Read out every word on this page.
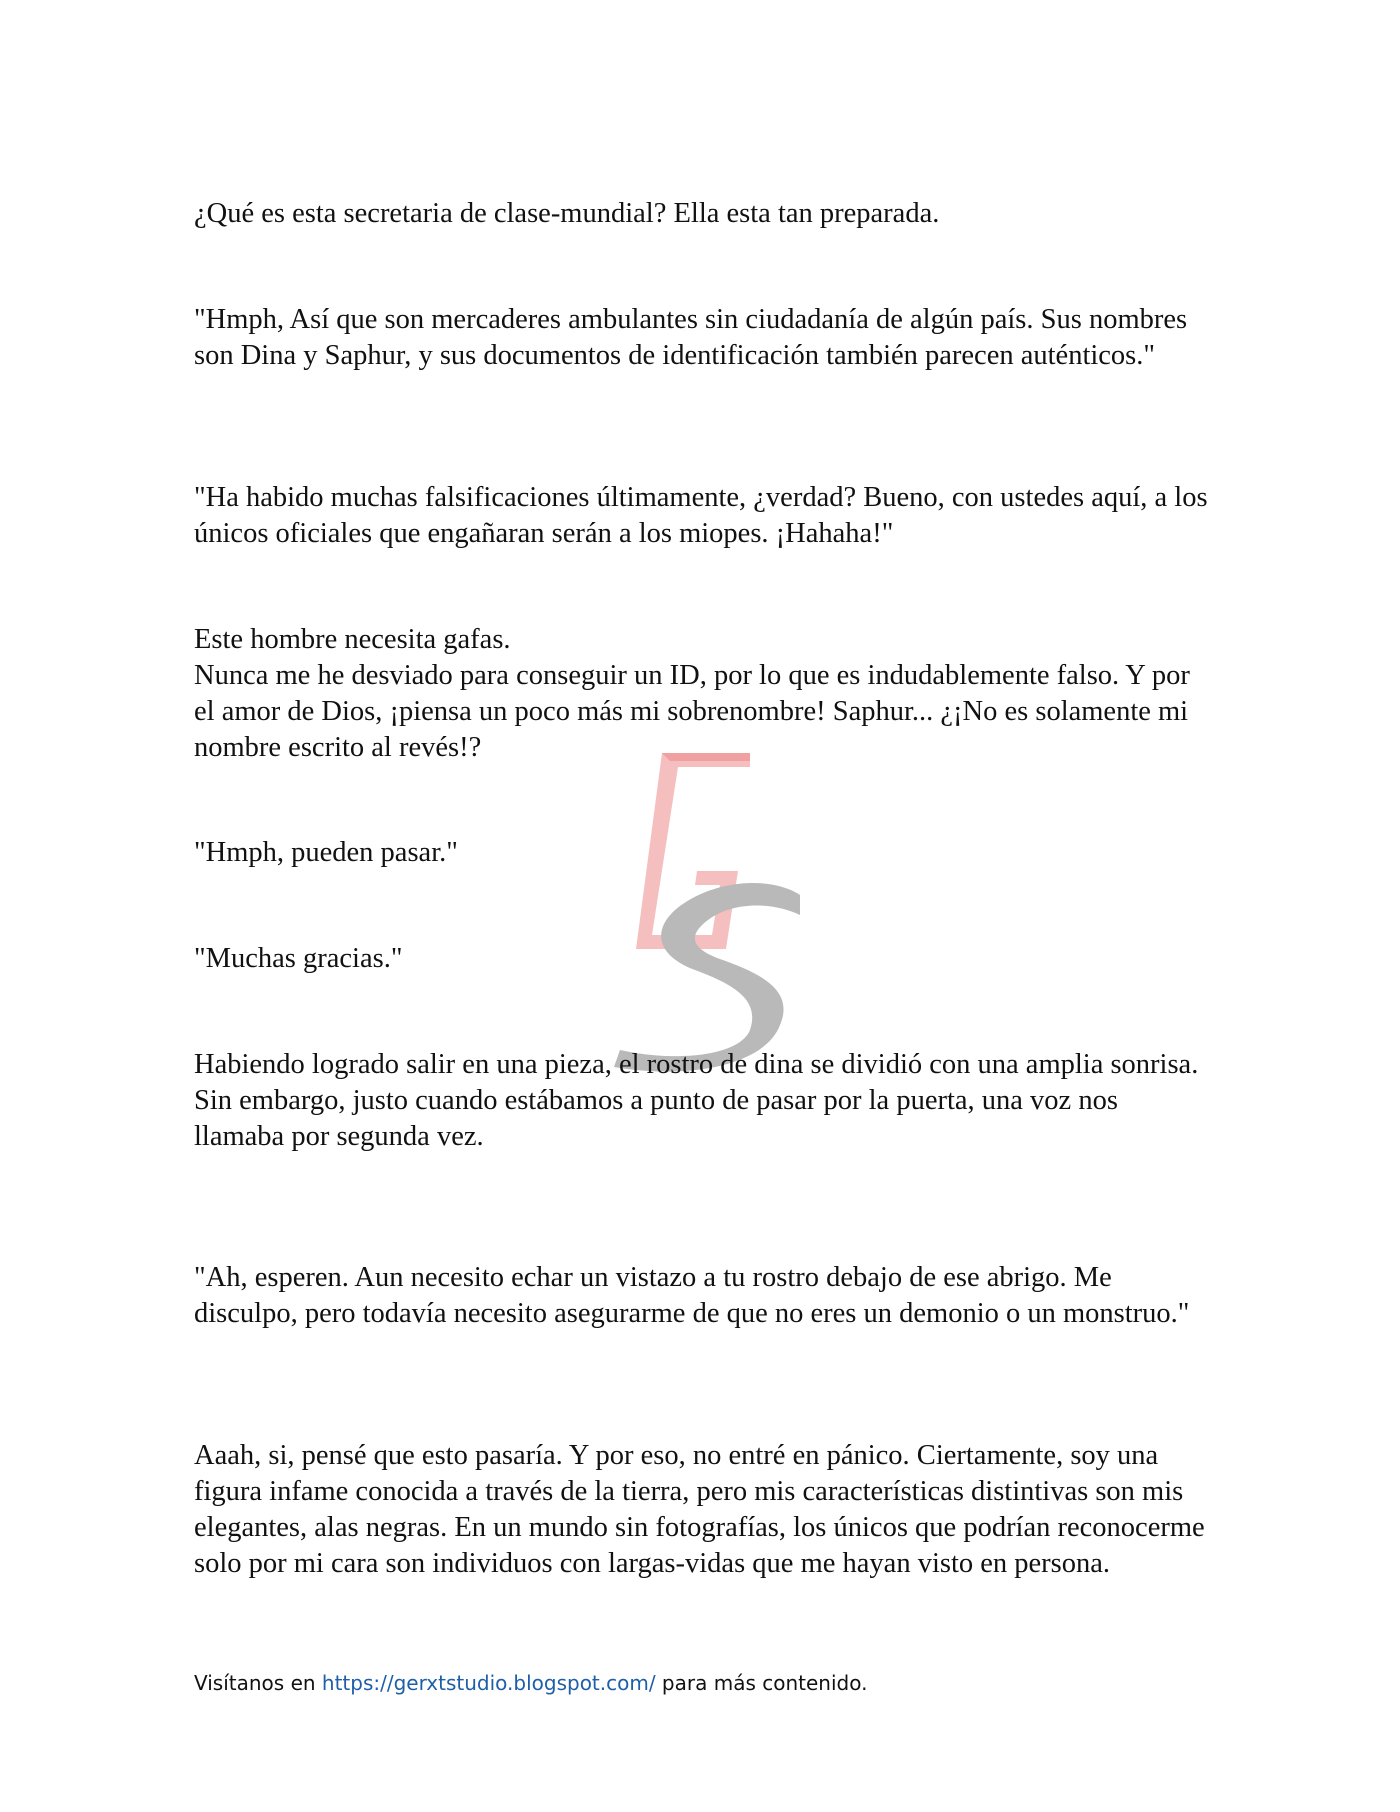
¿Qué es esta secretaria de clase-mundial? Ella esta tan preparada.

"Hmph, Así que son mercaderes ambulantes sin ciudadanía de algún país. Sus nombres son Dina y Saphur, y sus documentos de identificación también parecen auténticos."

"Ha habido muchas falsificaciones últimamente, ¿verdad? Bueno, con ustedes aquí, a los únicos oficiales que engañaran serán a los miopes. ¡Hahaha!"

Este hombre necesita gafas.
Nunca me he desviado para conseguir un ID, por lo que es indudablemente falso. Y por el amor de Dios, ¡piensa un poco más mi sobrenombre! Saphur... ¿¡No es solamente mi nombre escrito al revés!?

"Hmph, pueden pasar."

"Muchas gracias."

Habiendo logrado salir en una pieza, el rostro de dina se dividió con una amplia sonrisa.
Sin embargo, justo cuando estábamos a punto de pasar por la puerta, una voz nos llamaba por segunda vez.

"Ah, esperen. Aun necesito echar un vistazo a tu rostro debajo de ese abrigo. Me disculpo, pero todavía necesito asegurarme de que no eres un demonio o un monstruo."

Aaah, si, pensé que esto pasaría. Y por eso, no entré en pánico. Ciertamente, soy una figura infame conocida a través de la tierra, pero mis características distintivas son mis elegantes, alas negras. En un mundo sin fotografías, los únicos que podrían reconocerme solo por mi cara son individuos con largas-vidas que me hayan visto en persona.

Visítanos en https://gerxtstudio.blogspot.com/ para más contenido.
